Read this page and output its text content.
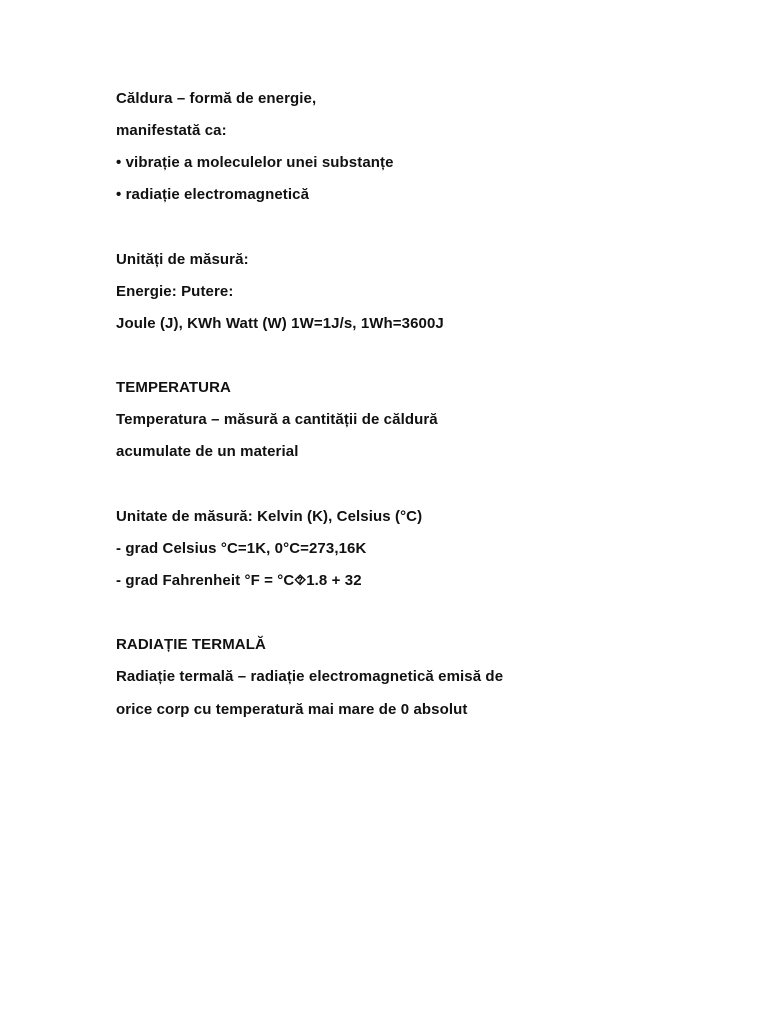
Căldura – formă de energie,
manifestată ca:
• vibrație a moleculelor unei substanțe
• radiație electromagnetică
Unități de măsură:
Energie: Putere:
Joule (J), KWh Watt (W) 1W=1J/s, 1Wh=3600J
TEMPERATURA
Temperatura – măsură a cantității de căldură
acumulate de un material
Unitate de măsură: Kelvin (K), Celsius (°C)
- grad Celsius °C=1K, 0°C=273,16K
- grad Fahrenheit °F = °C⯑1.8 + 32
RADIAȚIE TERMALĂ
Radiație termală – radiație electromagnetică emisă de
orice corp cu temperatură mai mare de 0 absolut
